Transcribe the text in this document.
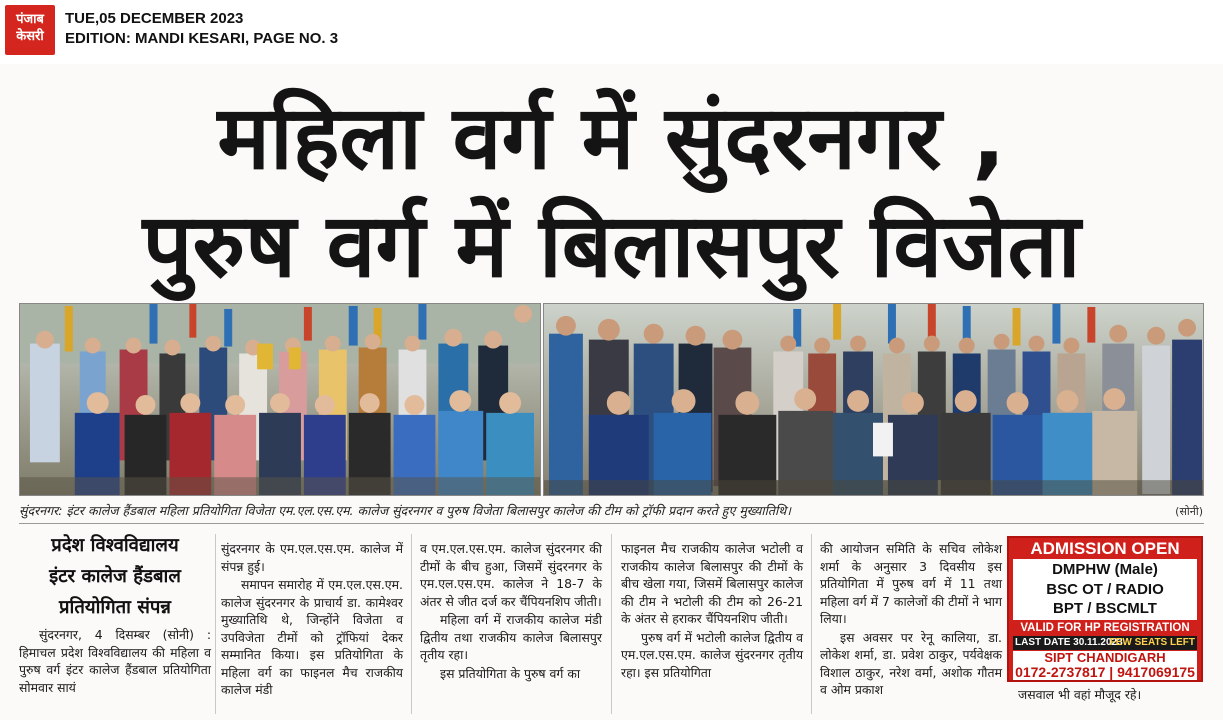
पंजाब
केसरी
TUE,05 DECEMBER 2023
EDITION: MANDI KESARI, PAGE NO. 3
महिला वर्ग में सुंदरनगर ,
पुरुष वर्ग में बिलासपुर विजेता
सुंदरनगर: इंटर कालेज हैंडबाल महिला प्रतियोगिता विजेता एम.एल.एस.एम. कालेज सुंदरनगर व पुरुष विजेता बिलासपुर कालेज की टीम को ट्रॉफी प्रदान करते हुए मुख्यातिथि।	(सोनी)
प्रदेश विश्वविद्यालय
इंटर कालेज हैंडबाल
प्रतियोगिता संपन्न

सुंदरनगर, 4 दिसम्बर (सोनी) : हिमाचल प्रदेश विश्वविद्यालय की महिला व पुरुष वर्ग इंटर कालेज हैंडबाल प्रतियोगिता सोमवार सायं

सुंदरनगर के एम.एल.एस.एम. कालेज में संपन्न हुई।

समापन समारोह में एम.एल.एस.एम. कालेज सुंदरनगर के प्राचार्य डा. कामेश्वर मुख्यातिथि थे, जिन्होंने विजेता व उपविजेता टीमों को ट्रॉफियां देकर सम्मानित किया। इस प्रतियोगिता के महिला वर्ग का फाइनल मैच राजकीय कालेज मंडी

व एम.एल.एस.एम. कालेज सुंदरनगर की टीमों के बीच हुआ, जिसमें सुंदरनगर के एम.एल.एस.एम. कालेज ने 18-7 के अंतर से जीत दर्ज कर चैंपियनशिप जीती।

महिला वर्ग में राजकीय कालेज मंडी द्वितीय तथा राजकीय कालेज बिलासपुर तृतीय रहा।

इस प्रतियोगिता के पुरुष वर्ग का

फाइनल मैच राजकीय कालेज भटोली व राजकीय कालेज बिलासपुर की टीमों के बीच खेला गया, जिसमें बिलासपुर कालेज की टीम ने भटोली की टीम को 26-21 के अंतर से हराकर चैंपियनशिप जीती।

पुरुष वर्ग में भटोली कालेज द्वितीय व एम.एल.एस.एम. कालेज सुंदरनगर तृतीय रहा। इस प्रतियोगिता

की आयोजन समिति के सचिव लोकेश शर्मा के अनुसार 3 दिवसीय इस प्रतियोगिता में पुरुष वर्ग में 11 तथा महिला वर्ग में 7 कालेजों की टीमों ने भाग लिया।

इस अवसर पर रेनू कालिया, डा. लोकेश शर्मा, डा. प्रवेश ठाकुर, पर्यवेक्षक विशाल ठाकुर, नरेश वर्मा, अशोक गौतम व ओम प्रकाश	जसवाल भी वहां मौजूद रहे।

ADMISSION OPEN
DMPHW (Male)
BSC OT / RADIO
BPT / BSCMLT
VALID FOR HP REGISTRATION
LAST DATE 30.11.2023
FEW SEATS LEFT
SIPT CHANDIGARH
0172-2737817 | 9417069175
